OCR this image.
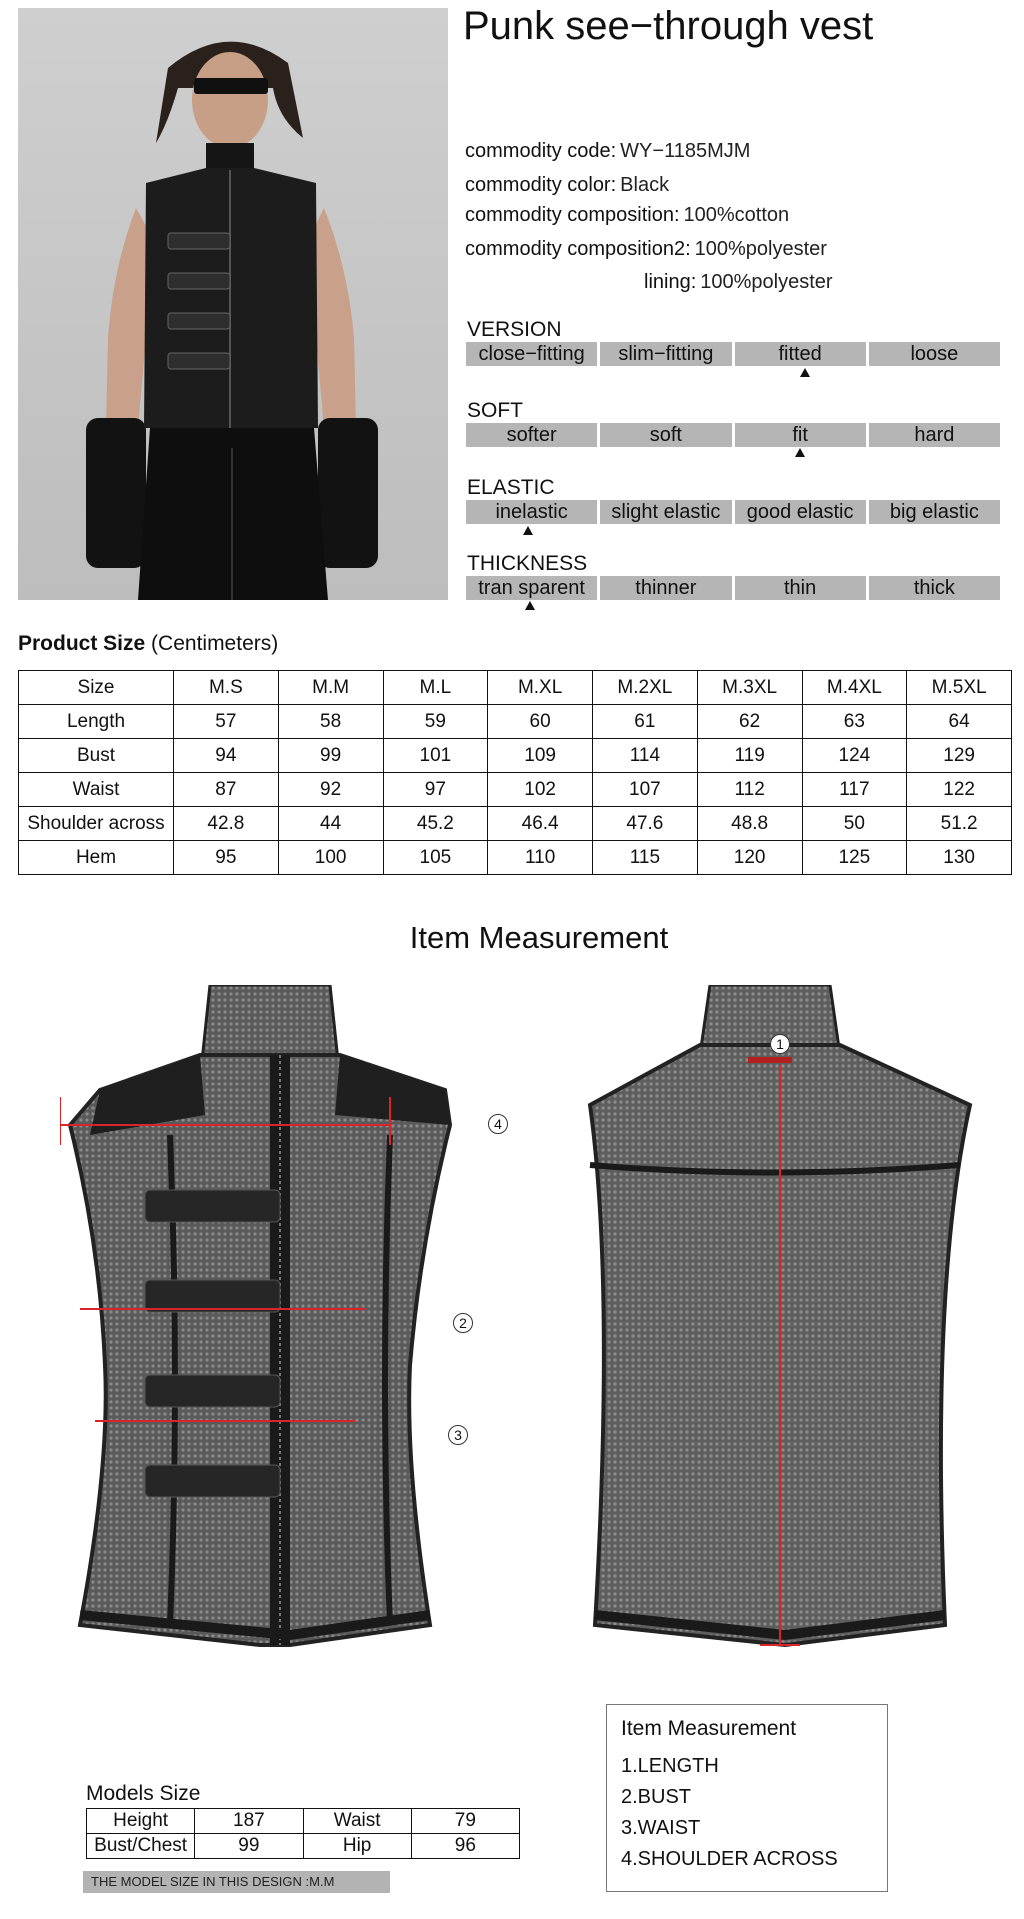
Punk see−through vest
commodity code: WY−1185MJM
commodity color: Black
commodity composition: 100%cotton
commodity composition2: 100%polyester
lining: 100%polyester
VERSION
close−fitting	slim−fitting	fitted	loose
SOFT
softer	soft	fit	hard
ELASTIC
inelastic	slight elastic	good elastic	big elastic
THICKNESS
tran sparent	thinner	thin	thick
Product Size (Centimeters)
Size	M.S	M.M	M.L	M.XL	M.2XL	M.3XL	M.4XL	M.5XL
Length	57	58	59	60	61	62	63	64
Bust	94	99	101	109	114	119	124	129
Waist	87	92	97	102	107	112	117	122
Shoulder across	42.8	44	45.2	46.4	47.6	48.8	50	51.2
Hem	95	100	105	110	115	120	125	130
Item Measurement
4
2
3
1
Item Measurement
1.LENGTH
2.BUST
3.WAIST
4.SHOULDER ACROSS
Models Size
Height	187	Waist	79
Bust/Chest	99	Hip	96
THE MODEL SIZE IN THIS DESIGN :M.M
